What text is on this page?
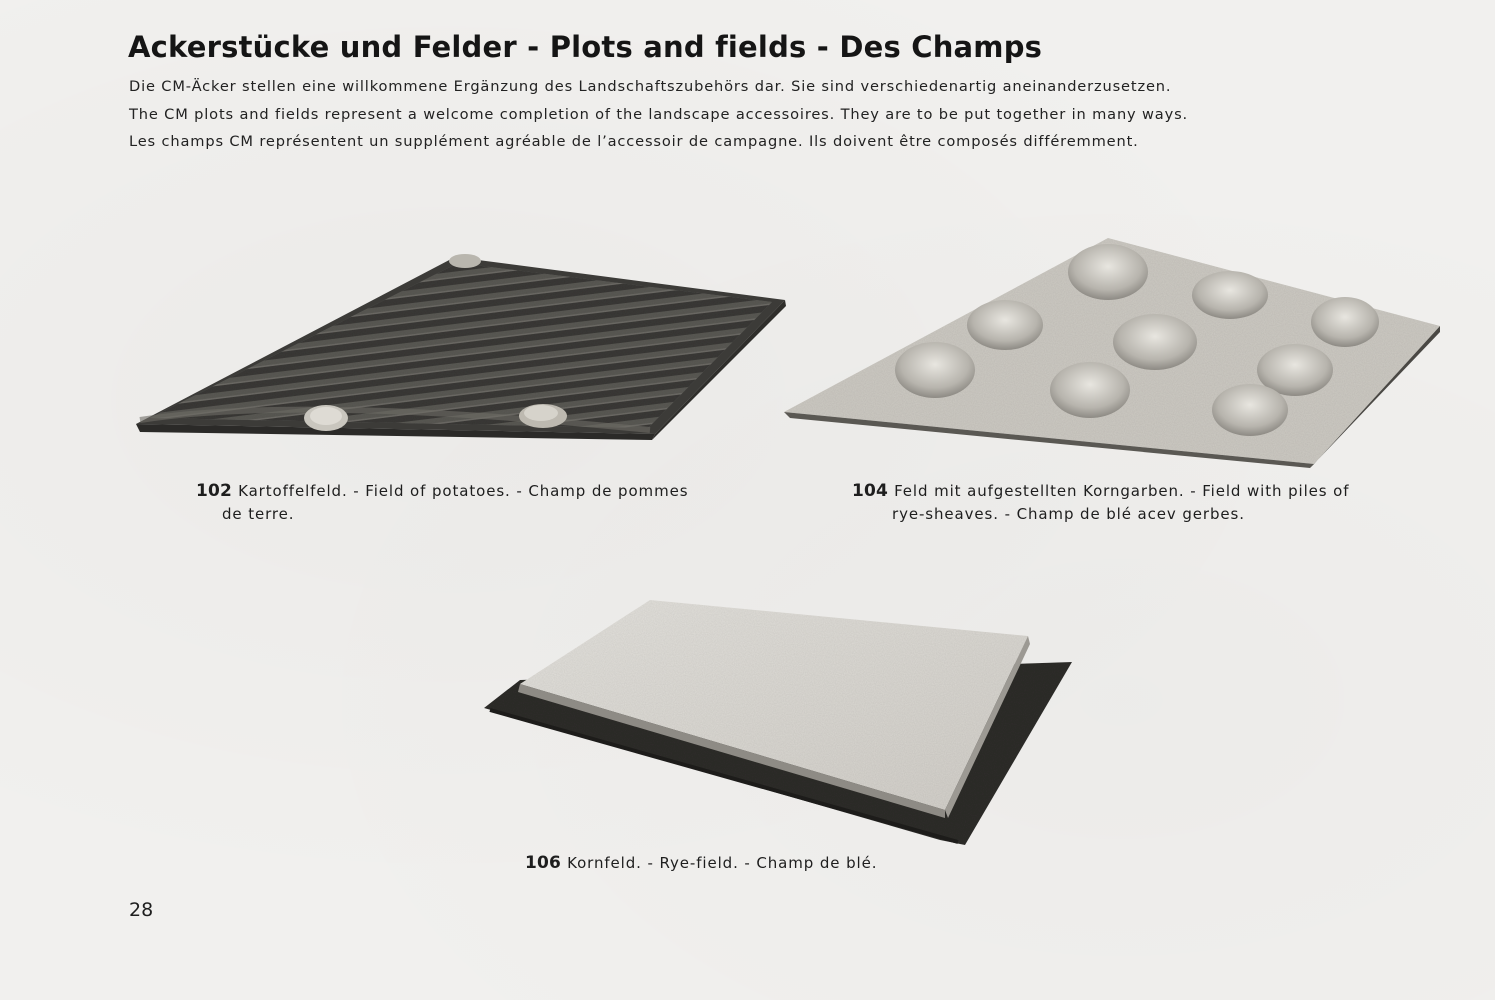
Ackerstücke und Felder - Plots and fields - Des Champs

Die CM-Äcker stellen eine willkommene Ergänzung des Landschaftszubehörs dar. Sie sind verschiedenartig aneinanderzusetzen.

The CM plots and fields represent a welcome completion of the landscape accessoires. They are to be put together in many ways.

Les champs CM représentent un supplément agréable de l’accessoir de campagne. Ils doivent être composés différemment.

102 Kartoffelfeld. - Field of potatoes. - Champ de pommes
de terre.
104 Feld mit aufgestellten Korngarben. - Field with piles of
rye-sheaves. - Champ de blé acev gerbes.
106 Kornfeld. - Rye-field. - Champ de blé.
28
